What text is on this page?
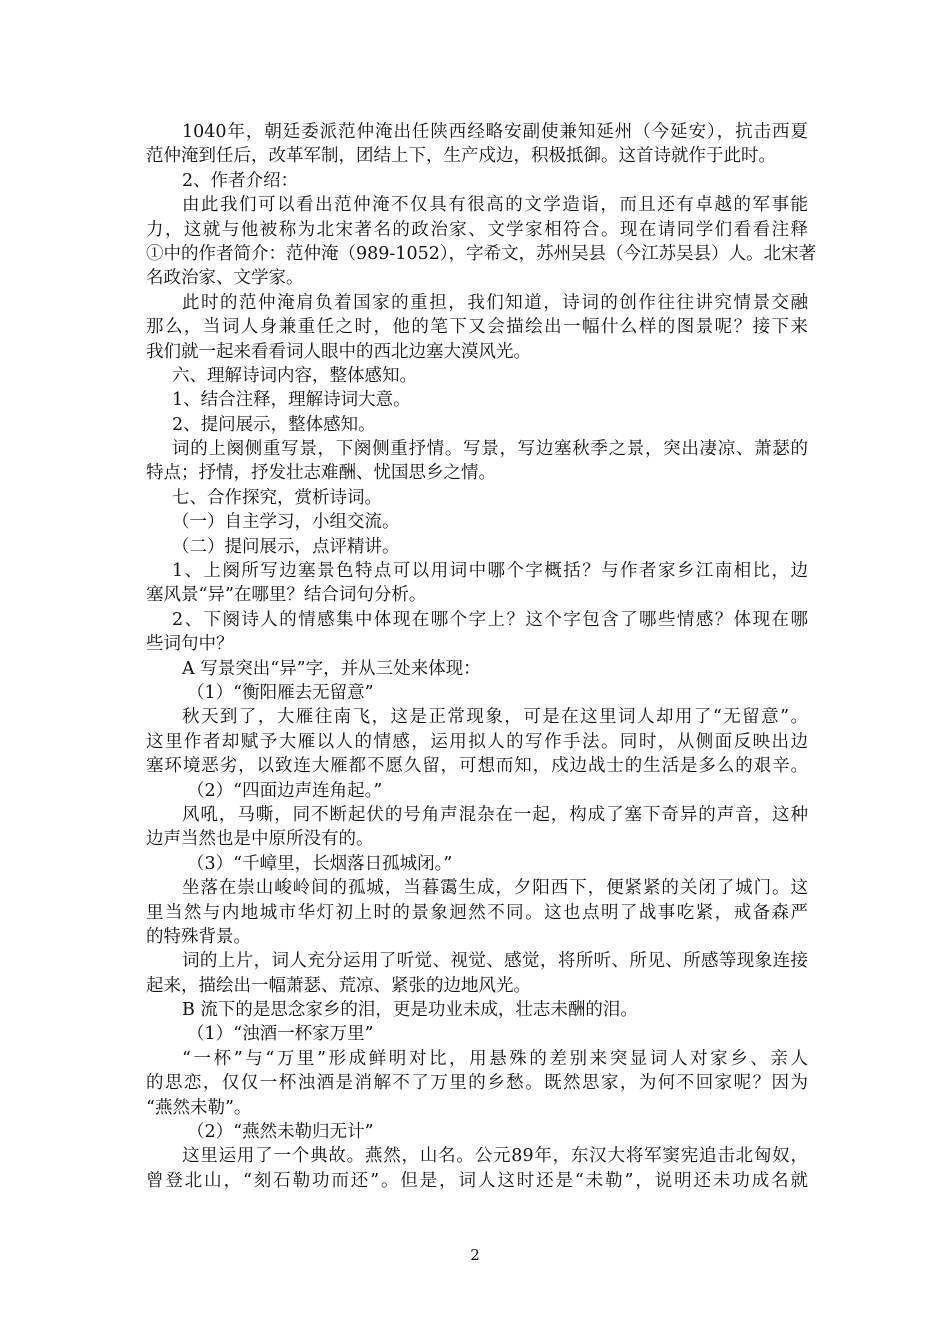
1040年，朝廷委派范仲淹出任陕西经略安副使兼知延州（今延安），抗击西夏
范仲淹到任后，改革军制，团结上下，生产戍边，积极抵御。这首诗就作于此时。
2、作者介绍：
由此我们可以看出范仲淹不仅具有很高的文学造诣，而且还有卓越的军事能
力，这就与他被称为北宋著名的政治家、文学家相符合。现在请同学们看看注释
①中的作者简介：范仲淹（989-1052），字希文，苏州吴县（今江苏吴县）人。北宋著
名政治家、文学家。
此时的范仲淹肩负着国家的重担，我们知道，诗词的创作往往讲究情景交融
那么，当词人身兼重任之时，他的笔下又会描绘出一幅什么样的图景呢？接下来
我们就一起来看看词人眼中的西北边塞大漠风光。
六、理解诗词内容，整体感知。
1、结合注释，理解诗词大意。
2、提问展示，整体感知。
词的上阕侧重写景，下阕侧重抒情。写景，写边塞秋季之景，突出凄凉、萧瑟的
特点；抒情，抒发壮志难酬、忧国思乡之情。
七、合作探究，赏析诗词。
（一）自主学习，小组交流。
（二）提问展示，点评精讲。
1、上阕所写边塞景色特点可以用词中哪个字概括？与作者家乡江南相比，边
塞风景“异”在哪里？结合词句分析。
2、下阕诗人的情感集中体现在哪个字上？这个字包含了哪些情感？体现在哪
些词句中？
A 写景突出“异”字，并从三处来体现：
（1）“衡阳雁去无留意”
秋天到了，大雁往南飞，这是正常现象，可是在这里词人却用了“无留意”。
这里作者却赋予大雁以人的情感，运用拟人的写作手法。同时，从侧面反映出边
塞环境恶劣，以致连大雁都不愿久留，可想而知，戍边战士的生活是多么的艰辛。
（2）“四面边声连角起。”
风吼，马嘶，同不断起伏的号角声混杂在一起，构成了塞下奇异的声音，这种
边声当然也是中原所没有的。
（3）“千嶂里，长烟落日孤城闭。”
坐落在崇山峻岭间的孤城，当暮霭生成，夕阳西下，便紧紧的关闭了城门。这
里当然与内地城市华灯初上时的景象迥然不同。这也点明了战事吃紧，戒备森严
的特殊背景。
词的上片，词人充分运用了听觉、视觉、感觉，将所听、所见、所感等现象连接
起来，描绘出一幅萧瑟、荒凉、紧张的边地风光。
B 流下的是思念家乡的泪，更是功业未成，壮志未酬的泪。
（1）“浊酒一杯家万里”
“一杯”与“万里”形成鲜明对比，用悬殊的差别来突显词人对家乡、亲人
的思恋，仅仅一杯浊酒是消解不了万里的乡愁。既然思家，为何不回家呢？因为
“燕然未勒”。
（2）“燕然未勒归无计”
这里运用了一个典故。燕然，山名。公元89年，东汉大将军窦宪追击北匈奴，
曾登北山，“刻石勒功而还”。但是，词人这时还是“未勒”，说明还未功成名就
2
